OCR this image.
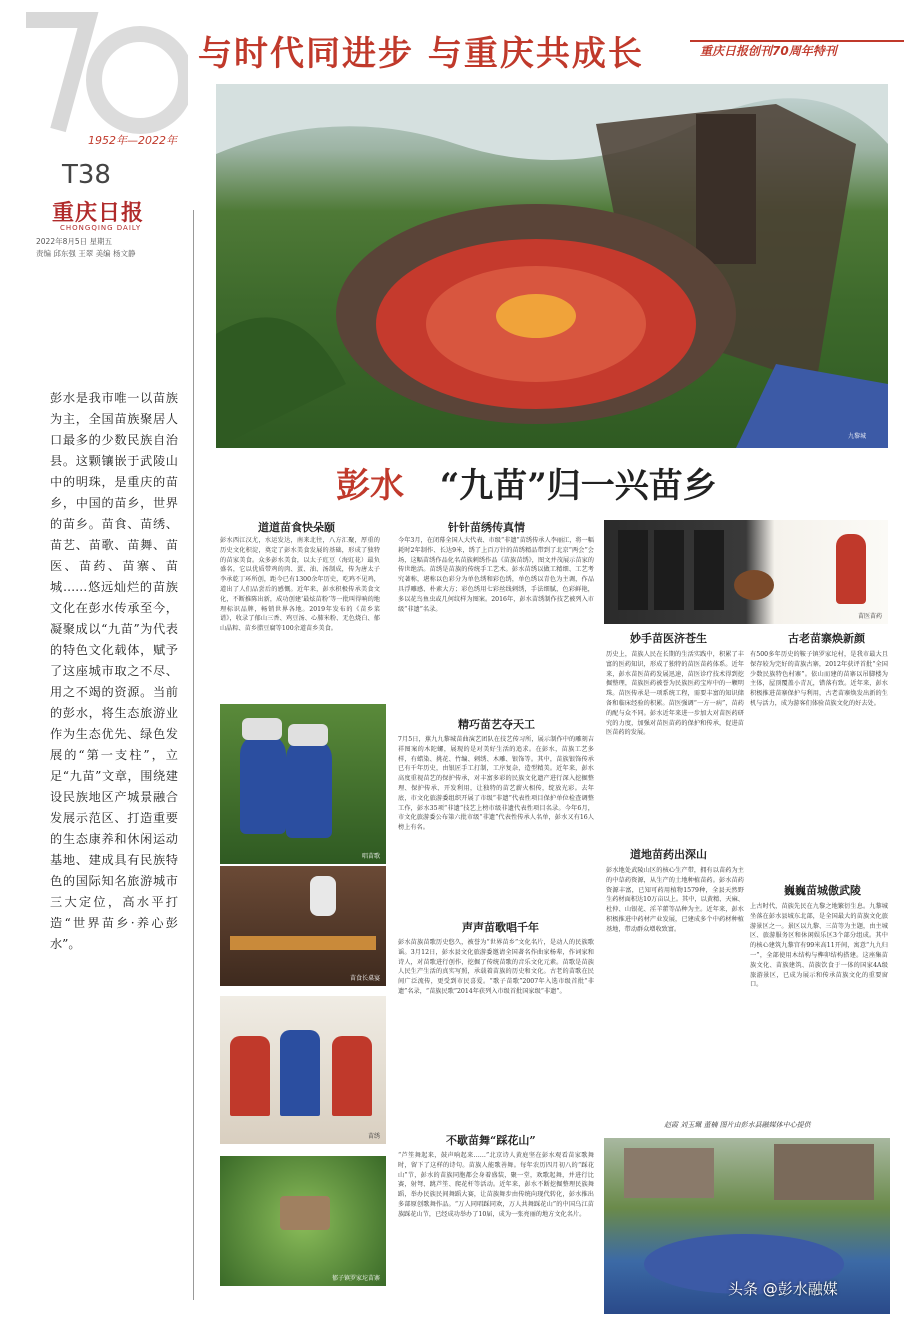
1952年—2022年
与时代同进步 与重庆共成长	重庆日报创刊70周年特刊
T38
重庆日报
CHONGQING DAILY
2022年8月5日 星期五
责编 邱东强 王翠 美编 杨文静
九黎城
彭水 “九苗”归一兴苗乡
彭水是我市唯一以苗族为主，全国苗族聚居人口最多的少数民族自治县。这颗镶嵌于武陵山中的明珠，是重庆的苗乡，中国的苗乡，世界的苗乡。苗食、苗绣、苗艺、苗歌、苗舞、苗医、苗药、苗寨、苗城……悠远灿烂的苗族文化在彭水传承至今，凝聚成以“九苗”为代表的特色文化载体，赋予了这座城市取之不尽、用之不竭的资源。当前的彭水，将生态旅游业作为生态优先、绿色发展的“第一支柱”，立足“九苗”文章，围绕建设民族地区产城景融合发展示范区、打造重要的生态康养和休闲运动基地、建成具有民族特色的国际知名旅游城市三大定位，高水平打造“世界苗乡·养心彭水”。
道道苗食快朵颐
彭水西江汉尤，水运发达，南来北往，八方汇聚，厚重的历史文化积淀，奠定了彭水美食发展的基础，形成了独特的苗家美食。众多彭水美食，以太子豇豆（海豇花）最负盛名，它以优质带鸡的肉、蛋、油、汤制成，传为唐太子李承乾丁环所创，距今已有1300余年历史，吃鸡不见鸡，道出了人们品尝后的感慨。近年来，彭水积极传承美食文化，不断推陈出新，成功创建‘最炫苗粉’等一批叫得响的地理标识品牌，畅销世界各地。2019年发布的《苗乡菜谱》，收录了郁山三香、鸡豆汤、心肺米粉、无色烧白、郁山晶粽、苗乡腊豆腐等100余道苗乡美食。
唱苗歌
苗食长桌宴
苗绣
郁子镇罗家坨苗寨
针针苗绣传真情
今年3月，在闭幕全国人大代表、市级“非遗”苗绣传承人李丽江，将一幅耗时2年制作、长达9米，绣了上百万针的苗绣精品带到了北京“两会”会场，这幅苗绣作品化名苗族刺绣作品《苗族苗绣》，图文并茂展示苗家的传世绝活。苗绣是苗族的传统手工艺术。彭水苗绣以做工精细、工艺考究著称，堪称以色彩分为单色绣和彩色绣，单色绣以青色为主调，作品具浮雕感、朴素大方；彩色绣用七彩丝线刺绣，手法细腻，色彩鲜艳，多以花鸟鱼虫或几何纹样为图案。2016年，彭水苗绣制作技艺被列入市级“非遗”名录。
精巧苗艺夺天工
7月5日，蕉九九黎城苗曲演艺团队在技艺传习所，展示制作中的雕刻吉祥图案的木陀螺，展现的是对美好生活的追求。在彭水，苗族工艺多样，有蜡染、挑花、竹编、刺绣、木雕、银饰等。其中，苗族银饰传承已有千年历史，由银匠手工打制，工序复杂，造型精美。近年来，彭水高度重视苗艺的保护传承，对丰富多彩的民族文化遗产进行深入挖掘整理、保护传承、开发利用，让独特的苗艺薪火相传，绽放光彩。去年底，市文化旅游委组织开展了市级“非遗”代表性项目保护单位检查调整工作，彭水35项“非遗”技艺上榜市级非遗代表性项目名录。今年6月，市文化旅游委公布第六批市级“非遗”代表性传承人名单，彭水又有16人榜上有名。
声声苗歌唱千年
彭水苗族苗歌历史悠久，被誉为“世界苗乡”文化名片，是动人的民族歌谣。3月12日，彭水县文化旅游委邀请全国著名作曲家杨辈，作词家和诗人，对苗歌进行创作，挖掘了传统苗歌的音乐文化元素。苗歌是苗族人民生产生活的真实写照，承载着苗族的历史和文化。古老的苗歌在民间广泛流传，更受到市民喜爱。“歌子苗歌”2007年入选市级首批“非遗”名录，“苗族民歌”2014年获列入市级首批国家级“非遗”。
不歇苗舞“踩花山”
“芦笙舞起来，鼓声响起来……”北京诗人黄庭坚在彭水观看苗家歌舞时，留下了这样的诗句。苗族人能歌善舞。每年农历四月初八的“踩花山”节，彭水的苗族同胞都会身着盛装，聚一堂，欢歌起舞，并进行比赛，射弩、跳芦笙、爬花杆等活动。近年来，彭水不断挖掘整理民族舞蹈，举办民族民间舞蹈大赛，让苗族舞步由传统向现代转化，彭水推出多部原创歌舞作品。“万人同唱踩同欢，万人共舞踩花山”的中国乌江苗族踩花山节，已经成功举办了10届，成为一张亮丽的地方文化名片。
苗医苗药
妙手苗医济苍生
历史上，苗族人民在长期的生活实践中，积累了丰富的医药知识，形成了独特的苗医苗药体系。近年来，彭水苗医苗药发展迅速，苗医诊疗技术得到挖掘整理，苗族医药被誉为民族医药宝库中的一颗明珠。苗医传承是一项系统工程，需要丰富的知识储备和临床经验的积累。苗医强调“一方一病”，苗药的配与众不同。彭水近年来进一步加大对苗医药研究的力度，加强对苗医苗药的保护和传承，促进苗医苗药的发展。
道地苗药出深山
彭水地处武陵山区的核心生产带，拥有以苗药为主的中草药资源，从生产的土地种植苗药。彭水苗药资源丰富，已知可药用植物1579种，全县天然野生药材面积达10万亩以上。其中，以黄精、天麻、杜仲、山银花、淫羊藿等品种为主。近年来，彭水积极推进中药材产业发展，已建成多个中药材种植基地，带动群众增收致富。
古老苗寨焕新颜
有500多年历史的鞍子镇罗家坨村，是我市最大且保存较为完好的苗族古寨，2012年获评首批“全国少数民族特色村寨”。依山而建的苗寨以吊脚楼为主体，屋顶覆盖小青瓦，错落有致。近年来，彭水积极推进苗寨保护与利用，古老苗寨焕发出新的生机与活力，成为游客们体验苗族文化的好去处。
巍巍苗城傲武陵
上古时代，苗族先民在九黎之地繁衍生息。九黎城坐落在彭水县城东北部，是全国最大的苗族文化旅游景区之一。景区以九黎、三苗等为主题，由主城区、旅游服务区和休闲娱乐区3个部分组成。其中的核心建筑九黎宫有99米高11开间，寓意“九九归一”，全部使用木结构与榫卯结构搭建。这座集苗族文化、苗族建筑、苗族饮食于一体的国家4A级旅游景区，已成为展示和传承苗族文化的重要窗口。
赵霞 刘玉珮 董楠 图片由彭水县融媒体中心提供
头条 @彭水融媒
